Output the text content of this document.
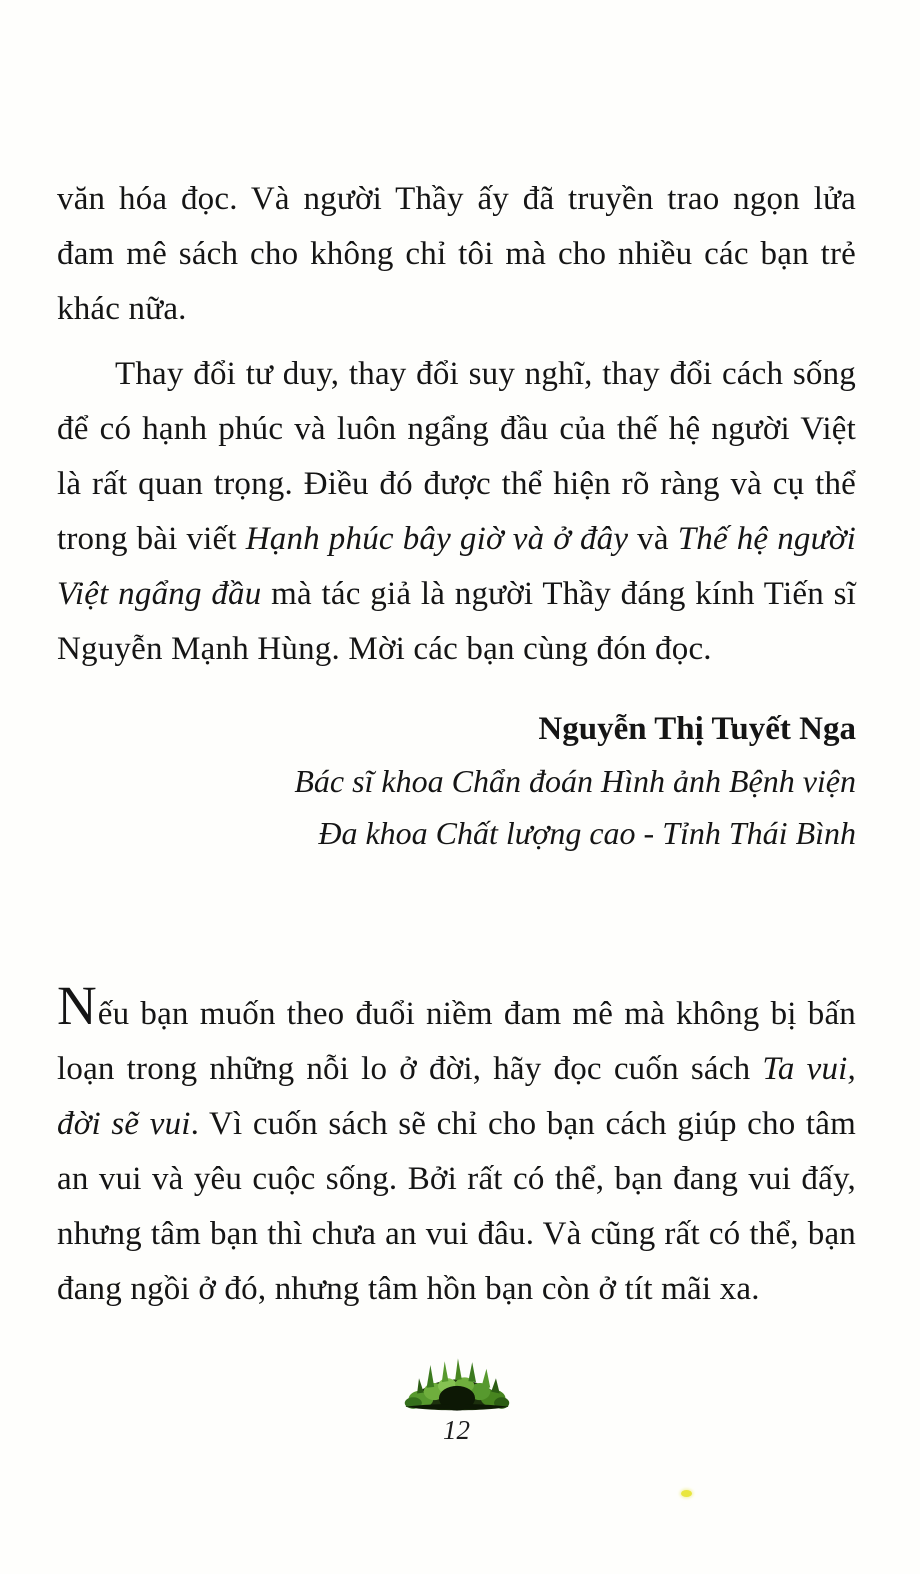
văn hóa đọc. Và người Thầy ấy đã truyền trao ngọn lửa đam mê sách cho không chỉ tôi mà cho nhiều các bạn trẻ khác nữa.

Thay đổi tư duy, thay đổi suy nghĩ, thay đổi cách sống để có hạnh phúc và luôn ngẩng đầu của thế hệ người Việt là rất quan trọng. Điều đó được thể hiện rõ ràng và cụ thể trong bài viết Hạnh phúc bây giờ và ở đây và Thế hệ người Việt ngẩng đầu mà tác giả là người Thầy đáng kính Tiến sĩ Nguyễn Mạnh Hùng. Mời các bạn cùng đón đọc.

Nguyễn Thị Tuyết Nga
Bác sĩ khoa Chẩn đoán Hình ảnh Bệnh viện
Đa khoa Chất lượng cao - Tỉnh Thái Bình

Nếu bạn muốn theo đuổi niềm đam mê mà không bị bấn loạn trong những nỗi lo ở đời, hãy đọc cuốn sách Ta vui, đời sẽ vui. Vì cuốn sách sẽ chỉ cho bạn cách giúp cho tâm an vui và yêu cuộc sống. Bởi rất có thể, bạn đang vui đấy, nhưng tâm bạn thì chưa an vui đâu. Và cũng rất có thể, bạn đang ngồi ở đó, nhưng tâm hồn bạn còn ở tít mãi xa.

12
